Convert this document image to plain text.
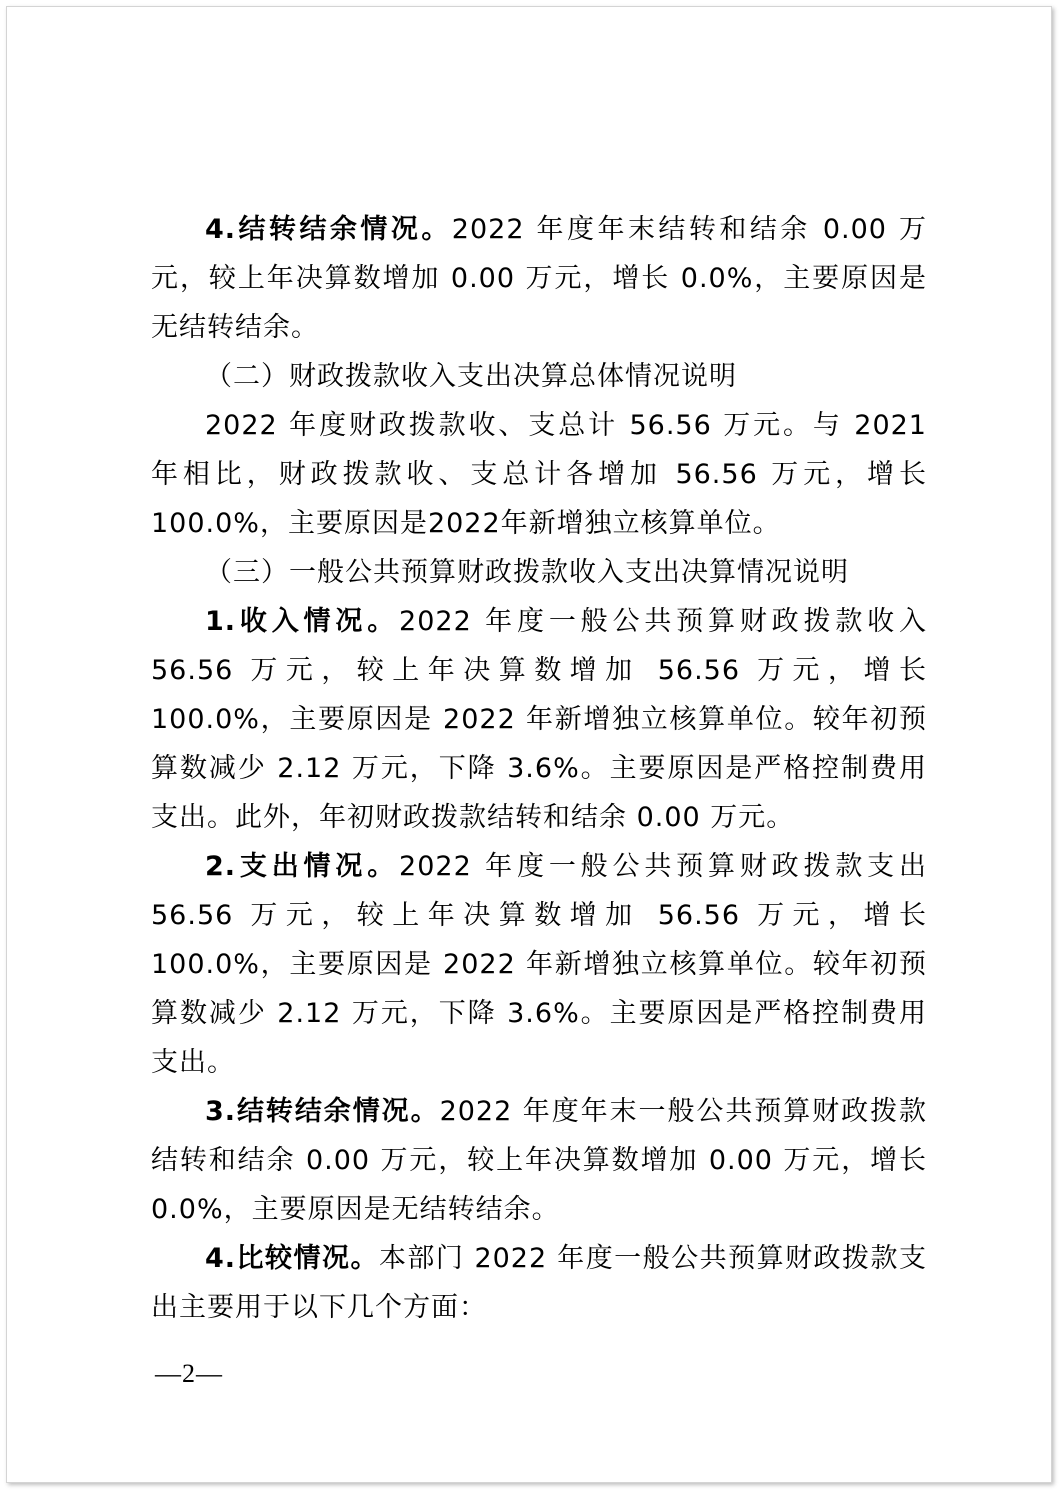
4.结转结余情况。2022 年度年末结转和结余 0.00 万元，较上年决算数增加 0.00 万元，增长 0.0%，主要原因是无结转结余。

（二）财政拨款收入支出决算总体情况说明

2022 年度财政拨款收、支总计 56.56 万元。与 2021 年相比，财政拨款收、支总计各增加 56.56 万元，增长 100.0%，主要原因是2022年新增独立核算单位。

（三）一般公共预算财政拨款收入支出决算情况说明

1.收入情况。2022 年度一般公共预算财政拨款收入 56.56 万元，较上年决算数增加 56.56 万元，增长 100.0%，主要原因是 2022 年新增独立核算单位。较年初预算数减少 2.12 万元，下降 3.6%。主要原因是严格控制费用支出。此外，年初财政拨款结转和结余 0.00 万元。

2.支出情况。2022 年度一般公共预算财政拨款支出 56.56 万元，较上年决算数增加 56.56 万元，增长 100.0%，主要原因是 2022 年新增独立核算单位。较年初预算数减少 2.12 万元，下降 3.6%。主要原因是严格控制费用支出。

3.结转结余情况。2022 年度年末一般公共预算财政拨款结转和结余 0.00 万元，较上年决算数增加 0.00 万元，增长 0.0%，主要原因是无结转结余。

4.比较情况。本部门 2022 年度一般公共预算财政拨款支出主要用于以下几个方面：

—2—
